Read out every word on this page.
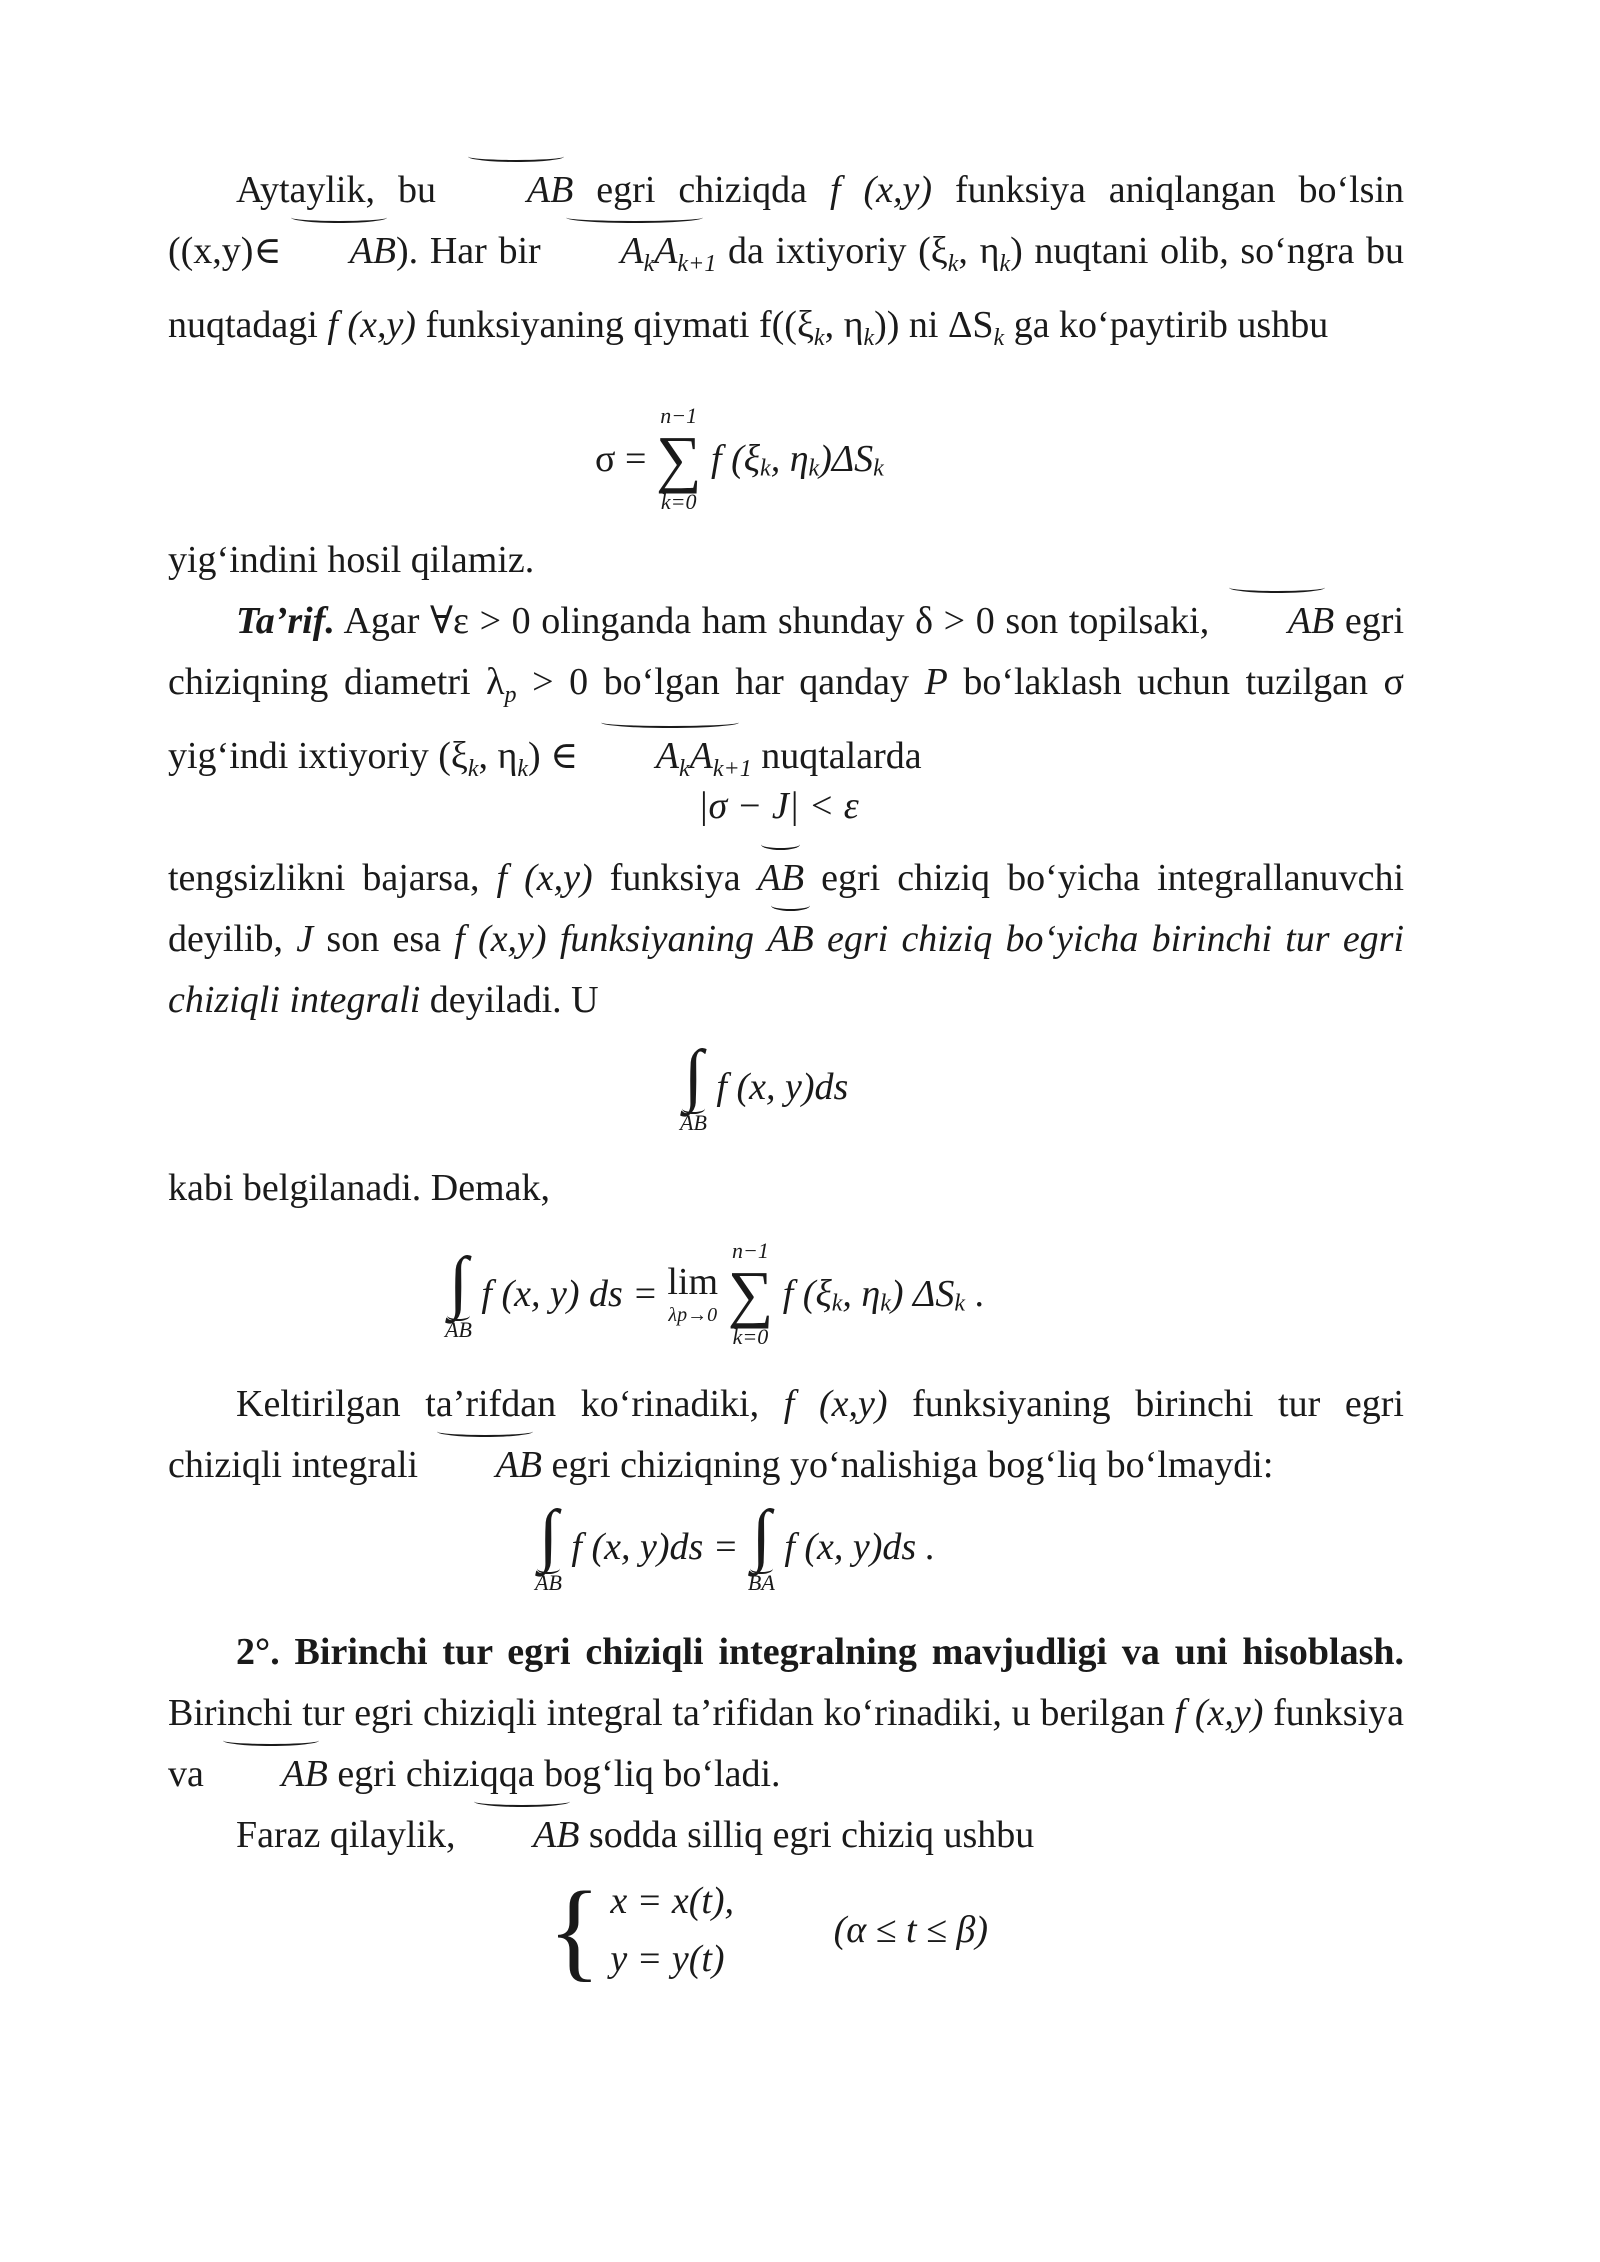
Aytaylik, bu AB egri chiziqda f (x,y) funksiya aniqlangan bo‘lsin ((x,y)∈ AB). Har bir $A_kA_{k+1}$ da ixtiyoriy ($\xi_k$, $\eta_k$) nuqtani olib, so‘ngra bu nuqtadagi f (x,y) funksiyaning qiymati $f((\xi_k$, $\eta_k$)) ni $\Delta S_k$ ga ko‘paytirib ushbu

σ =
n−1
∑
k=0
f ($\xi_k$, $\eta_k)\Delta S_k$

yig‘indini hosil qilamiz.

Ta’rif. Agar ∀ε > 0 olinganda ham shunday δ > 0 son topilsaki, AB egri chiziqning diametri $\lambda_p > 0$ bo‘lgan har qanday P bo‘laklash uchun tuzilgan σ yig‘indi ixtiyoriy ($\xi_k$, $\eta_k$) ∈ $A_kA_{k+1}$ nuqtalarda

|σ − J| < ε

tengsizlikni bajarsa, f (x,y) funksiya AB egri chiziq bo‘yicha integrallanuvchi deyilib, J son esa f (x,y) funksiyaning AB egri chiziq bo‘yicha birinchi tur egri chiziqli integrali deyiladi. U

∫
AB
f (x, y)ds

kabi belgilanadi. Demak,

∫
AB
f (x, y) ds = lim
λp→0

n−1
∑
k=0
f ($\xi_k$, $\eta_k$) $\Delta S_k$ .

Keltirilgan ta’rifdan ko‘rinadiki, f (x,y) funksiyaning birinchi tur egri chiziqli integrali AB egri chiziqning yo‘nalishiga bog‘liq bo‘lmaydi:

∫
AB
f (x, y)ds = ∫
BA
f (x, y)ds .

2°. Birinchi tur egri chiziqli integralning mavjudligi va uni hisoblash. Birinchi tur egri chiziqli integral ta’rifidan ko‘rinadiki, u berilgan f (x,y) funksiya va AB egri chiziqqa bog‘liq bo‘ladi.

Faraz qilaylik, AB sodda silliq egri chiziq ushbu

{ x = x(t),
y = y(t)
(α ≤ t ≤ β)
